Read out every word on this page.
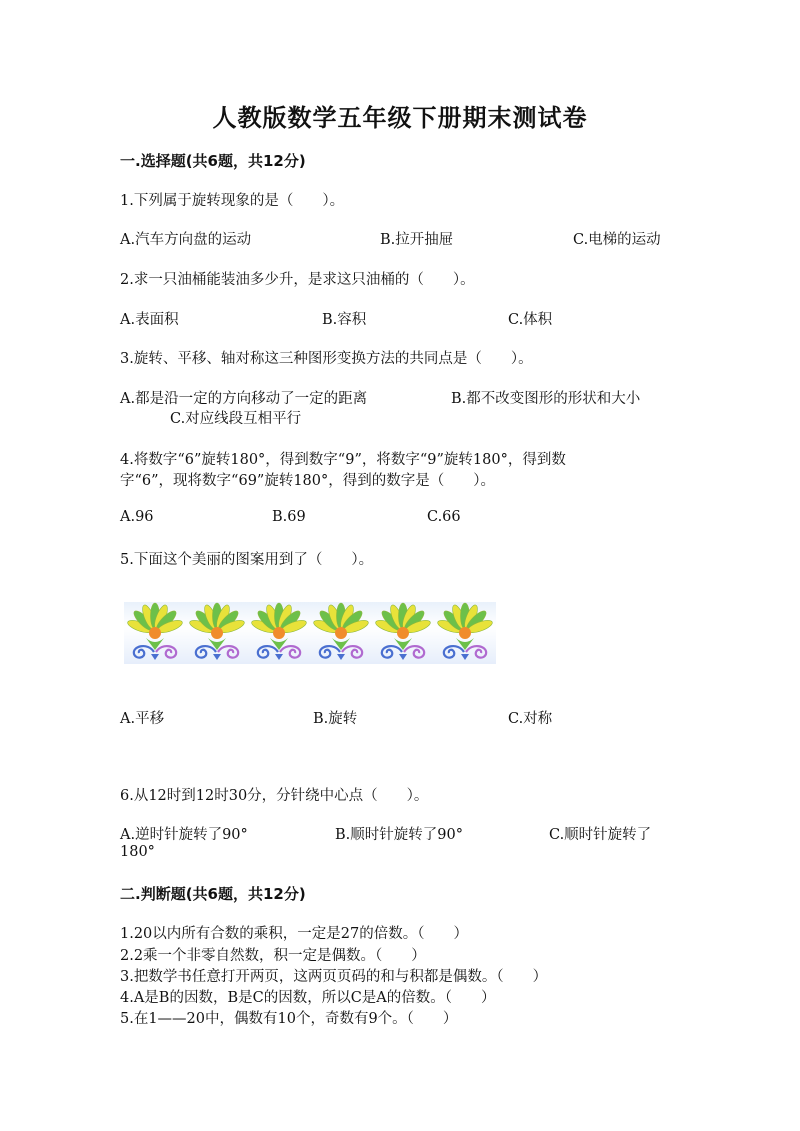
人教版数学五年级下册期末测试卷
一.选择题(共6题，共12分)
1.下列属于旋转现象的是（　　）。
A.汽车方向盘的运动	B.拉开抽屉	C.电梯的运动
2.求一只油桶能装油多少升，是求这只油桶的（　　）。
A.表面积	B.容积	C.体积
3.旋转、平移、轴对称这三种图形变换方法的共同点是（　　）。
A.都是沿一定的方向移动了一定的距离	B.都不改变图形的形状和大小
C.对应线段互相平行
4.将数字“6”旋转180°，得到数字“9”，将数字“9”旋转180°，得到数
字“6”，现将数字“69”旋转180°，得到的数字是（　　）。
A.96	B.69	C.66
5.下面这个美丽的图案用到了（　　）。
A.平移	B.旋转	C.对称
6.从12时到12时30分，分针绕中心点（　　）。
A.逆时针旋转了90°	B.顺时针旋转了90°	C.顺时针旋转了
180°
二.判断题(共6题，共12分)
1.20以内所有合数的乘积，一定是27的倍数。（　　）
2.2乘一个非零自然数，积一定是偶数。（　　）
3.把数学书任意打开两页，这两页页码的和与积都是偶数。（　　）
4.A是B的因数，B是C的因数，所以C是A的倍数。（　　）
5.在1——20中，偶数有10个，奇数有9个。（　　）
